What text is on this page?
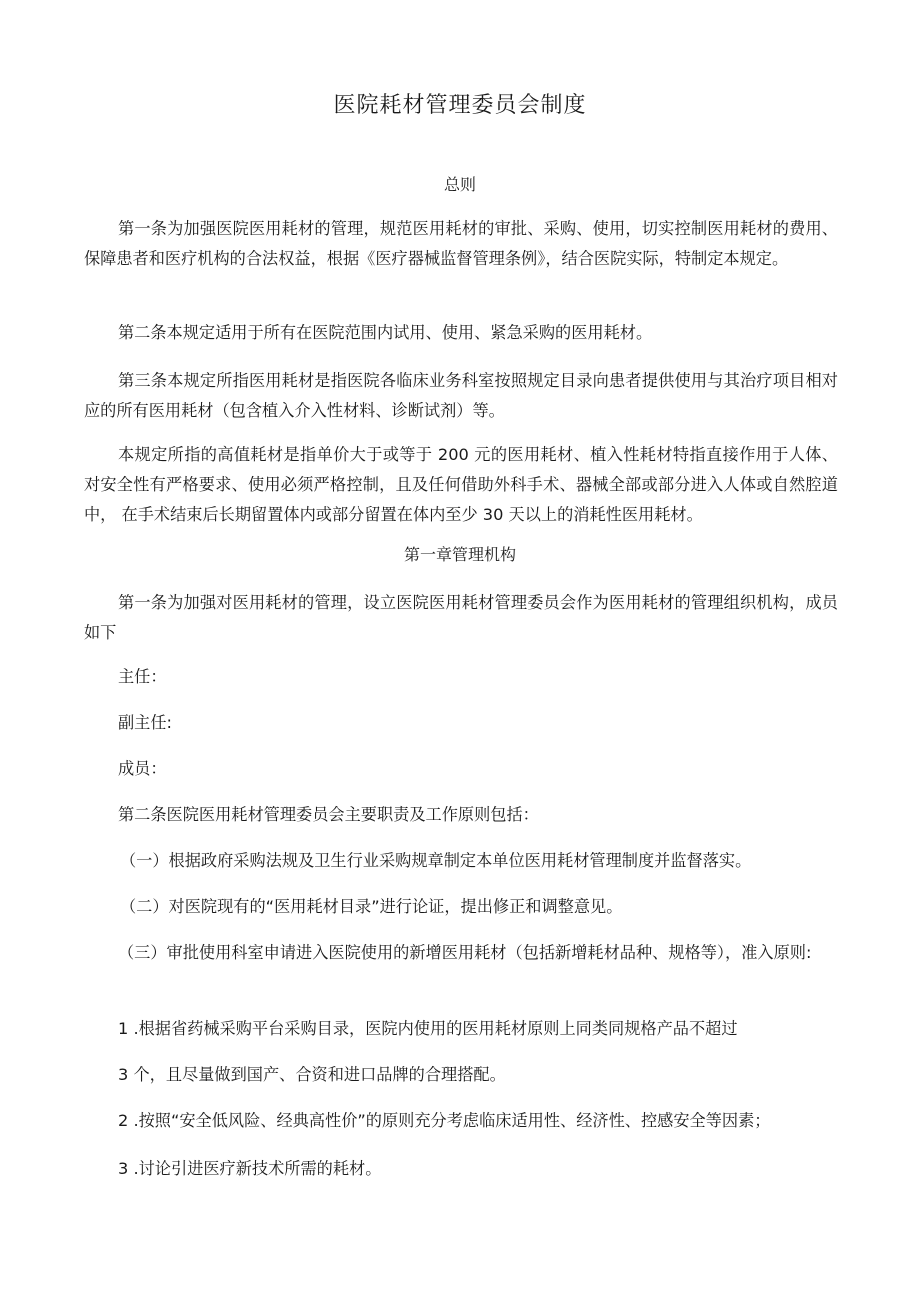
医院耗材管理委员会制度
总则

第一条为加强医院医用耗材的管理，规范医用耗材的审批、采购、使用，切实控制医用耗材的费用、保障患者和医疗机构的合法权益，根据《医疗器械监督管理条例》，结合医院实际，特制定本规定。

第二条本规定适用于所有在医院范围内试用、使用、紧急采购的医用耗材。

第三条本规定所指医用耗材是指医院各临床业务科室按照规定目录向患者提供使用与其治疗项目相对应的所有医用耗材（包含植入介入性材料、诊断试剂）等。

本规定所指的高值耗材是指单价大于或等于 200 元的医用耗材、植入性耗材特指直接作用于人体、对安全性有严格要求、使用必须严格控制，且及任何借助外科手术、器械全部或部分进入人体或自然腔道中， 在手术结束后长期留置体内或部分留置在体内至少 30 天以上的消耗性医用耗材。

第一章管理机构

第一条为加强对医用耗材的管理，设立医院医用耗材管理委员会作为医用耗材的管理组织机构，成员如下

主任：

副主任:

成员：

第二条医院医用耗材管理委员会主要职责及工作原则包括：

（一）根据政府采购法规及卫生行业采购规章制定本单位医用耗材管理制度并监督落实。

（二）对医院现有的“医用耗材目录”进行论证，提出修正和调整意见。

（三）审批使用科室申请进入医院使用的新增医用耗材（包括新增耗材品种、规格等），准入原则:

1 .根据省药械采购平台采购目录，医院内使用的医用耗材原则上同类同规格产品不超过

3 个，且尽量做到国产、合资和进口品牌的合理搭配。

2 .按照“安全低风险、经典高性价”的原则充分考虑临床适用性、经济性、控感安全等因素；

3 .讨论引进医疗新技术所需的耗材。
